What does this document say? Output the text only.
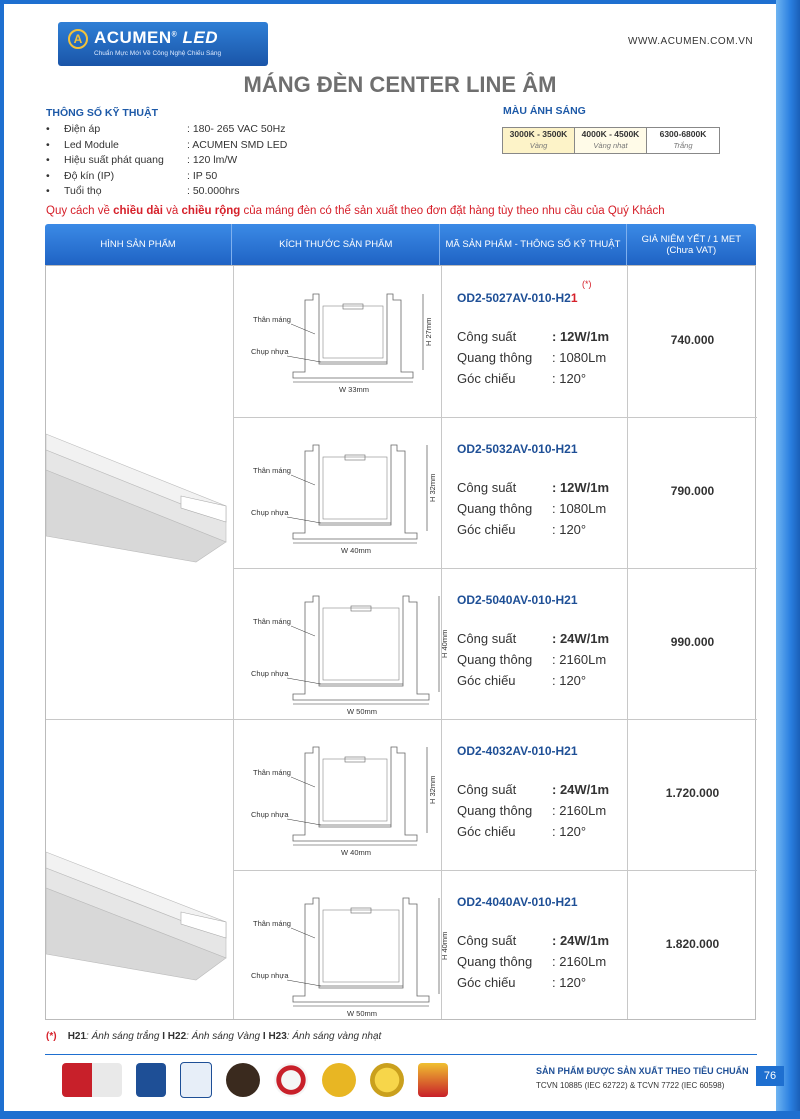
A ACUMEN® LED
Chuẩn Mực Mới Về Công Nghệ Chiếu Sáng
WWW.ACUMEN.COM.VN
MÁNG ĐÈN CENTER LINE ÂM
THÔNG SỐ KỸ THUẬT
• Điện áp	: 180- 265 VAC 50Hz
• Led Module	: ACUMEN SMD LED
• Hiệu suất phát quang : 120 lm/W
• Độ kín (IP)	: IP 50
• Tuổi thọ	: 50.000hrs
MÀU ÁNH SÁNG
3000K - 3500K
Vàng
4000K - 4500K
Vàng nhạt
6300-6800K
Trắng
Quy cách về chiều dài và chiều rộng của máng đèn có thể sản xuất theo đơn đặt hàng tùy theo nhu cầu của Quý Khách
HÌNH SẢN PHẨM	KÍCH THƯỚC SẢN PHẨM	MÃ SẢN PHẨM - THÔNG SỐ KỸ THUẬT	GIÁ NIÊM YẾT / 1 MET
(Chưa VAT)
OD2-5027AV-010-H21
(*)
Công suất	: 12W/1m
Quang thông : 1080Lm
Góc chiếu	: 120°
740.000
W 33mm
H 27mm
Thân máng
Chụp nhựa
OD2-5032AV-010-H21
Công suất	: 12W/1m
Quang thông : 1080Lm
Góc chiếu	: 120°
790.000
W 40mm
H 32mm
Thân máng
Chụp nhựa
OD2-5040AV-010-H21
Công suất	: 24W/1m
Quang thông : 2160Lm
Góc chiếu	: 120°
990.000
W 50mm
H 40mm
Thân máng
Chụp nhựa
OD2-4032AV-010-H21
Công suất	: 24W/1m
Quang thông : 2160Lm
Góc chiếu	: 120°
1.720.000
W 40mm
H 32mm
Thân máng
Chụp nhựa
OD2-4040AV-010-H21
Công suất	: 24W/1m
Quang thông : 2160Lm
Góc chiếu	: 120°
1.820.000
W 50mm
H 40mm
Thân máng
Chụp nhựa
(*) H21: Ánh sáng trắng I H22: Ánh sáng Vàng I H23: Ánh sáng vàng nhạt
SẢN PHẨM ĐƯỢC SẢN XUẤT THEO TIÊU CHUẨN
TCVN 10885 (IEC 62722) & TCVN 7722 (IEC 60598)
76
